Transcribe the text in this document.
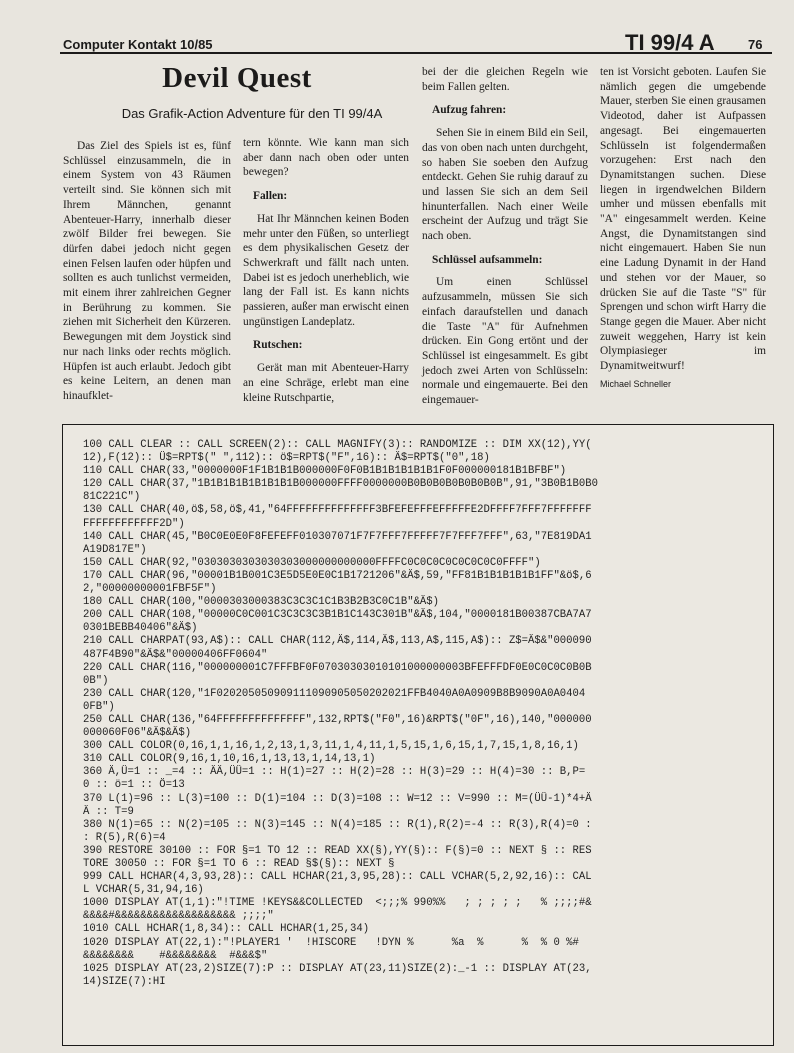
Computer Kontakt 10/85	TI 99/4 A	76
Devil Quest
Das Grafik-Action Adventure für den TI 99/4A

Das Ziel des Spiels ist es, fünf Schlüssel einzusammeln, die in einem System von 43 Räumen verteilt sind. Sie können sich mit Ihrem Männchen, genannt Abenteuer-Harry, innerhalb dieser zwölf Bilder frei bewegen. Sie dürfen dabei jedoch nicht gegen einen Felsen laufen oder hüpfen und sollten es auch tunlichst vermeiden, mit einem ihrer zahlreichen Gegner in Berührung zu kommen. Sie ziehen mit Sicherheit den Kürzeren. Bewegungen mit dem Joystick sind nur nach links oder rechts möglich. Hüpfen ist auch erlaubt. Jedoch gibt es keine Leitern, an denen man hinaufklet-

tern könnte. Wie kann man sich aber dann nach oben oder unten bewegen?

Fallen:

Hat Ihr Männchen keinen Boden mehr unter den Füßen, so unterliegt es dem physikalischen Gesetz der Schwerkraft und fällt nach unten. Dabei ist es jedoch unerheblich, wie lang der Fall ist. Es kann nichts passieren, außer man erwischt einen ungünstigen Landeplatz.

Rutschen:

Gerät man mit Abenteuer-Harry an eine Schräge, erlebt man eine kleine Rutschpartie,

bei der die gleichen Regeln wie beim Fallen gelten.

Aufzug fahren:

Sehen Sie in einem Bild ein Seil, das von oben nach unten durchgeht, so haben Sie soeben den Aufzug entdeckt. Gehen Sie ruhig darauf zu und lassen Sie sich an dem Seil hinunterfallen. Nach einer Weile erscheint der Aufzug und trägt Sie nach oben.

Schlüssel aufsammeln:

Um einen Schlüssel aufzusammeln, müssen Sie sich einfach daraufstellen und danach die Taste "A" für Aufnehmen drücken. Ein Gong ertönt und der Schlüssel ist eingesammelt. Es gibt jedoch zwei Arten von Schlüsseln: normale und eingemauerte. Bei den eingemauer-

ten ist Vorsicht geboten. Laufen Sie nämlich gegen die umgebende Mauer, sterben Sie einen grausamen Videotod, daher ist Aufpassen angesagt. Bei eingemauerten Schlüsseln ist folgendermaßen vorzugehen: Erst nach den Dynamitstangen suchen. Diese liegen in irgendwelchen Bildern umher und müssen ebenfalls mit "A" eingesammelt werden. Keine Angst, die Dynamitstangen sind nicht eingemauert. Haben Sie nun eine Ladung Dynamit in der Hand und stehen vor der Mauer, so drücken Sie auf die Taste "S" für Sprengen und schon wirft Harry die Stange gegen die Mauer. Aber nicht zuweit weggehen, Harry ist kein Olympiasieger im Dynamitweitwurf!

Michael Schneller

100 CALL CLEAR :: CALL SCREEN(2):: CALL MAGNIFY(3):: RANDOMIZE :: DIM XX(12),YY(
12),F(12):: Ü$=RPT$(" ",112):: ö$=RPT$("F",16):: Ä$=RPT$("0",18)
110 CALL CHAR(33,"0000000F1F1B1B1B000000F0F0B1B1B1B1B1B1F0F000000181B1BFBF")
120 CALL CHAR(37,"1B1B1B1B1B1B1B1B000000FFFF0000000B0B0B0B0B0B0B0B",91,"3B0B1B0B0
81C221C")
130 CALL CHAR(40,ö$,58,ö$,41,"64FFFFFFFFFFFFFF3BFEFEFFFEFFFFFE2DFFFF7FFF7FFFFFFF
FFFFFFFFFFFF2D")
140 CALL CHAR(45,"B0C0E0E0F8FEFEFF010307071F7F7FFF7FFFFF7F7FFF7FFF",63,"7E819DA1
A19D817E")
150 CALL CHAR(92,"0303030303030303000000000000FFFFC0C0C0C0C0C0C0C0FFFF")
170 CALL CHAR(96,"00001B1B001C3E5D5E0E0C1B1721206"&Ä$,59,"FF81B1B1B1B1B1FF"&ö$,6
2,"00000000001FBF5F")
180 CALL CHAR(100,"0000303000383C3C3C1C1B3B2B3C0C1B"&Ä$)
200 CALL CHAR(108,"00000C0C001C3C3C3C3B1B1C143C301B"&Ä$,104,"0000181B00387CBA7A7
0301BEBB40406"&Ä$)
210 CALL CHARPAT(93,A$):: CALL CHAR(112,Ä$,114,Ä$,113,A$,115,A$):: Z$=Ä$&"000090
487F4B90"&Ä$&"00000406FF0604"
220 CALL CHAR(116,"000000001C7FFFBF0F07030303010101000000003BFEFFFDF0E0C0C0C0B0B
0B")
230 CALL CHAR(120,"1F020205050909111090905050202021FFB4040A0A0909B8B9090A0A0404
0FB")
250 CALL CHAR(136,"64FFFFFFFFFFFFFF",132,RPT$("F0",16)&RPT$("0F",16),140,"000000
000060F06"&Ä$&Ä$)
300 CALL COLOR(0,16,1,1,16,1,2,13,1,3,11,1,4,11,1,5,15,1,6,15,1,7,15,1,8,16,1)
310 CALL COLOR(9,16,1,10,16,1,13,13,1,14,13,1)
360 Ä,Ü=1 :: _=4 :: ÄÄ,ÜÜ=1 :: H(1)=27 :: H(2)=28 :: H(3)=29 :: H(4)=30 :: B,P=
0 :: ö=1 :: Ö=13
370 L(1)=96 :: L(3)=100 :: D(1)=104 :: D(3)=108 :: W=12 :: V=990 :: M=(ÜÜ-1)*4+Ä
Ä :: T=9
380 N(1)=65 :: N(2)=105 :: N(3)=145 :: N(4)=185 :: R(1),R(2)=-4 :: R(3),R(4)=0 :
: R(5),R(6)=4
390 RESTORE 30100 :: FOR §=1 TO 12 :: READ XX(§),YY(§):: F(§)=0 :: NEXT § :: RES
TORE 30050 :: FOR §=1 TO 6 :: READ §$(§):: NEXT §
999 CALL HCHAR(4,3,93,28):: CALL HCHAR(21,3,95,28):: CALL VCHAR(5,2,92,16):: CAL
L VCHAR(5,31,94,16)
1000 DISPLAY AT(1,1):"!TIME !KEYS&&COLLECTED  <;;;% 990%%   ; ; ; ; ;   % ;;;;#&
&&&&#&&&&&&&&&&&&&&&&&&& ;;;;"
1010 CALL HCHAR(1,8,34):: CALL HCHAR(1,25,34)
1020 DISPLAY AT(22,1):"!PLAYER1 '  !HISCORE   !DYN %      %a  %      %  % 0 %#
&&&&&&&&    #&&&&&&&&  #&&&$"
1025 DISPLAY AT(23,2)SIZE(7):P :: DISPLAY AT(23,11)SIZE(2):_-1 :: DISPLAY AT(23,
14)SIZE(7):HI
